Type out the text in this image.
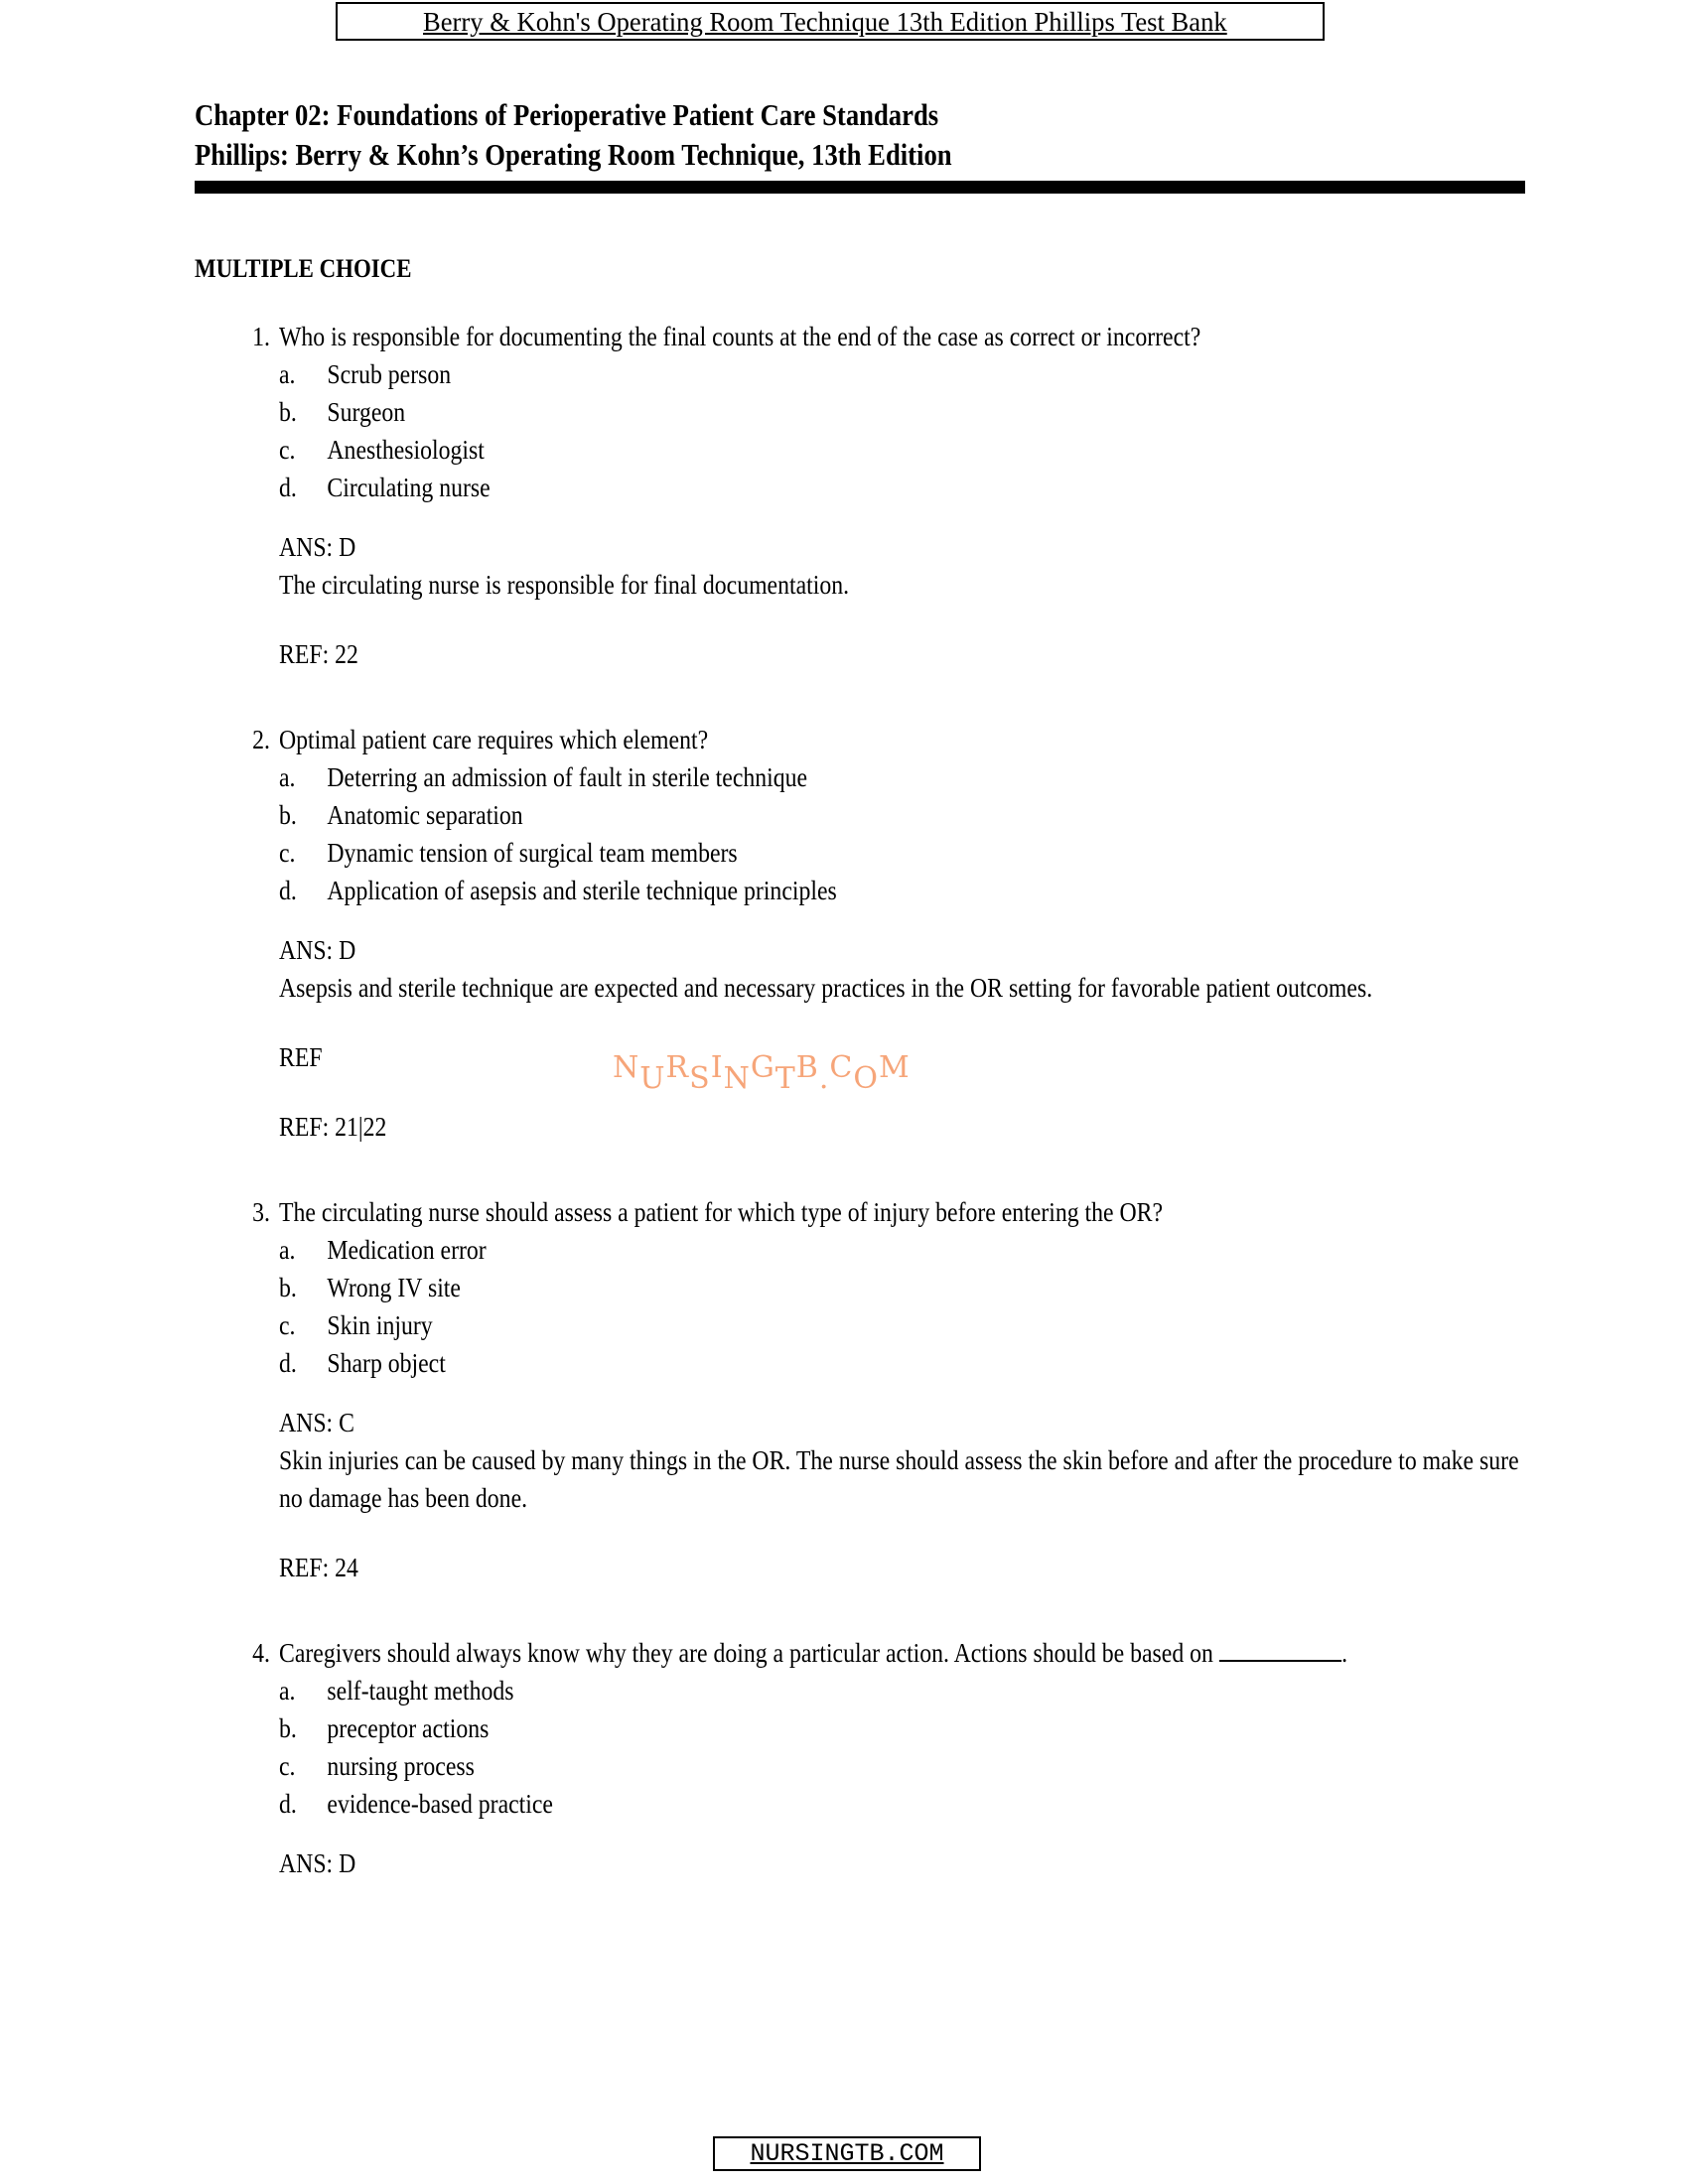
Berry & Kohn's Operating Room Technique 13th Edition Phillips Test Bank
Chapter 02: Foundations of Perioperative Patient Care Standards
Phillips: Berry & Kohn’s Operating Room Technique, 13th Edition
MULTIPLE CHOICE
1. Who is responsible for documenting the final counts at the end of the case as correct or incorrect?
a.	Scrub person
b.	Surgeon
c.	Anesthesiologist
d.	Circulating nurse
ANS: D
The circulating nurse is responsible for final documentation.
REF: 22
2. Optimal patient care requires which element?
a.	Deterring an admission of fault in sterile technique
b.	Anatomic separation
c.	Dynamic tension of surgical team members
d.	Application of asepsis and sterile technique principles
ANS: D
Asepsis and sterile technique are expected and necessary practices in the OR setting for favorable patient outcomes.
REF
REF: 21|22
3. The circulating nurse should assess a patient for which type of injury before entering the OR?
a.	Medication error
b.	Wrong IV site
c.	Skin injury
d.	Sharp object
ANS: C
Skin injuries can be caused by many things in the OR. The nurse should assess the skin before and after the procedure to make sure no damage has been done.
REF: 24
4. Caregivers should always know why they are doing a particular action. Actions should be based on	.
a.	self-taught methods
b.	preceptor actions
c.	nursing process
d.	evidence-based practice
ANS: D
NURSINGTB.COM
NURSINGTB.COM
